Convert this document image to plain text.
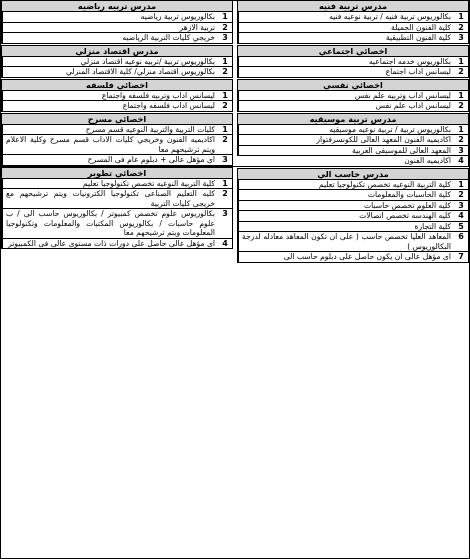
مدرس تربية فنيه
1
بكالوريوس تربية فنيه / تربية نوعيه فنيه
2
كلية الفنون الجميلة
3
كلية الفنون التطبيقية
اخصائي اجتماعي
1
بكالوريوس خدمه اجتماعيه
2
ليسانس اداب اجتماع
اخصائي نفسي
1
ليسانس اداب وتربيه علم نفس
2
ليسانس اداب علم نفس
مدرس تربية موسيقيه
1
بكالوريوس تربية / تربية نوعيه موسيقيه
2
اكاديميه الفنون المعهد العالى للكونسرفتوار
3
المعهد العالى للموسيقى العربية
4
اكاديميه الفنون
مدرس حاسب الي
1
كلية التربية النوعيه تخصص تكنولوجيا تعليم
2
كلية الحاسبات والمعلومات
3
كليه العلوم تخصص حاسبات
4
كليه الهندسه تخصص اتصالات
5
كلية التجارة
6
المعاهد العليا تخصص حاسب ( على ان تكون المعاهد معادله لدرجة البكالوريوس )
7
اى مؤهل عالى ان يكون حاصل على دبلوم حاسب الى
مدرس تربيه رياضيه
1
بكالوريوس تربية رياضيه
2
تربية الازهر
3
خريجي كليات التربية الرياضيه
مدرس اقتصاد منزلي
1
بكالوريوس تربية /تربيه نوعيه اقتصاد منزلي
2
بكالوريوس اقتصاد منزلي/ كلية الاقتصاد المنزلي
اخصائي فلسفه
1
ليسانس اداب وتربيه فلسفه واجتماع
2
ليسانس اداب فلسفه واجتماع
اخصائي مسرح
1
كليات التربية والتربية النوعيه قسم مسرح
2
اكاديميه الفنون وخريجي كليات الاداب قسم مسرح وكلية الاعلام ويتم ترشيحهم معا
3
اى مؤهل عالى + دبلوم عام فى المسرح
اخصائي تطوير
1
كلية التربية النوعيه تخصص تكنولوجيا تعليم
2
كليه التعليم الصناعى تكنولوجيا الكترونيات ويتم ترشيحهم مع خريجى كليات التربية
3
بكالوريوس علوم تخصص كمبيوتر / بكالوريوس حاسب الى / ب علوم حاسبات / بكالوريوس المكتبات والمعلومات وتكنولوجيا المعلومات ويتم ترشيحهم معا
4
اى مؤهل عالى حاصل على دورات ذات مستوى عالى فى الكمبيوتر
